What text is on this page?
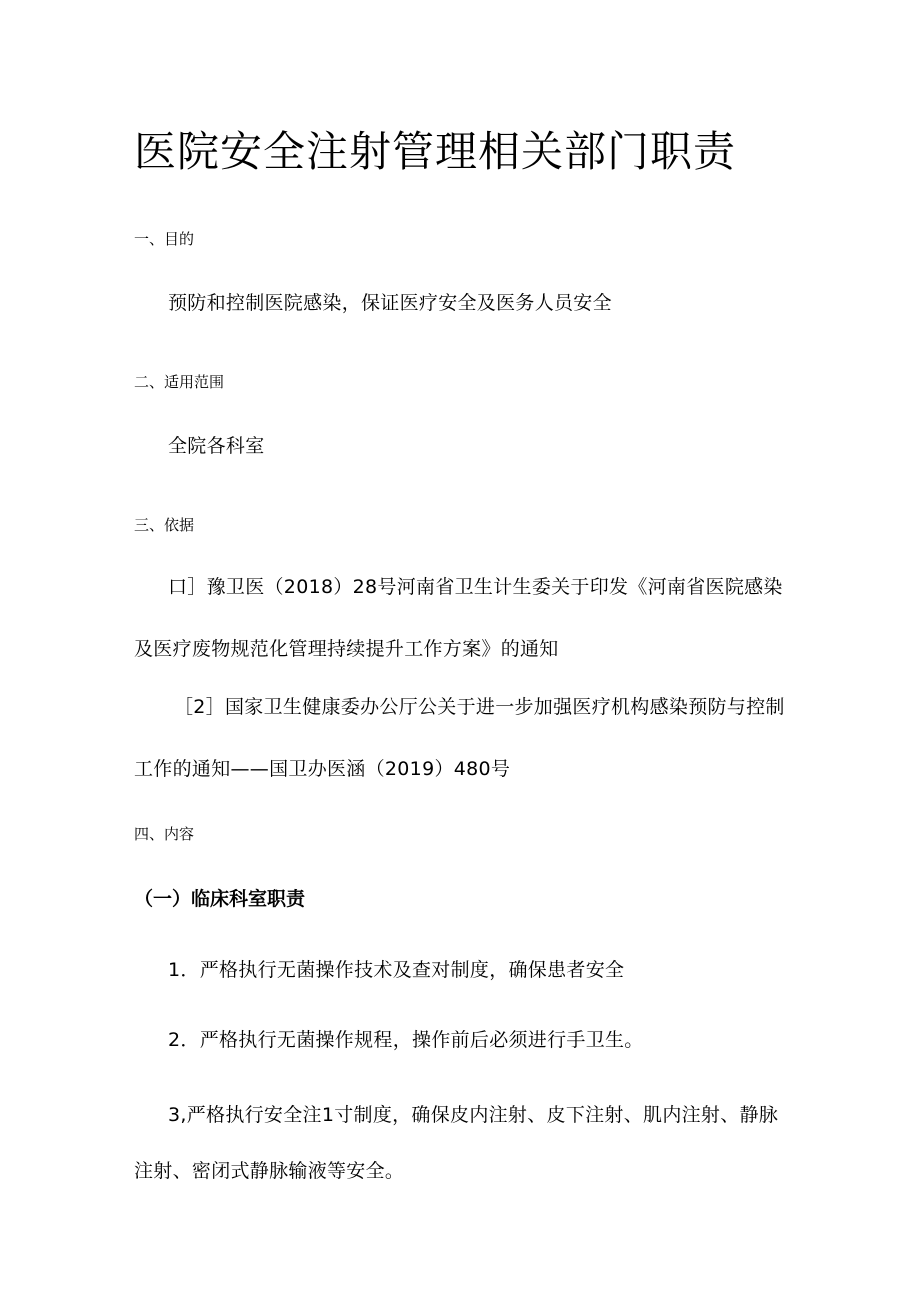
医院安全注射管理相关部门职责
一、目的
预防和控制医院感染，保证医疗安全及医务人员安全
二、适用范围
全院各科室
三、依据

口］豫卫医（2018）28号河南省卫生计生委关于印发《河南省医院感染及医疗废物规范化管理持续提升工作方案》的通知

［2］国家卫生健康委办公厅公关于进一步加强医疗机构感染预防与控制工作的通知——国卫办医涵（2019）480号

四、内容
（一）临床科室职责
1．严格执行无菌操作技术及查对制度，确保患者安全
2．严格执行无菌操作规程，操作前后必须进行手卫生。

3,严格执行安全注1寸制度，确保皮内注射、皮下注射、肌内注射、静脉注射、密闭式静脉输液等安全。
